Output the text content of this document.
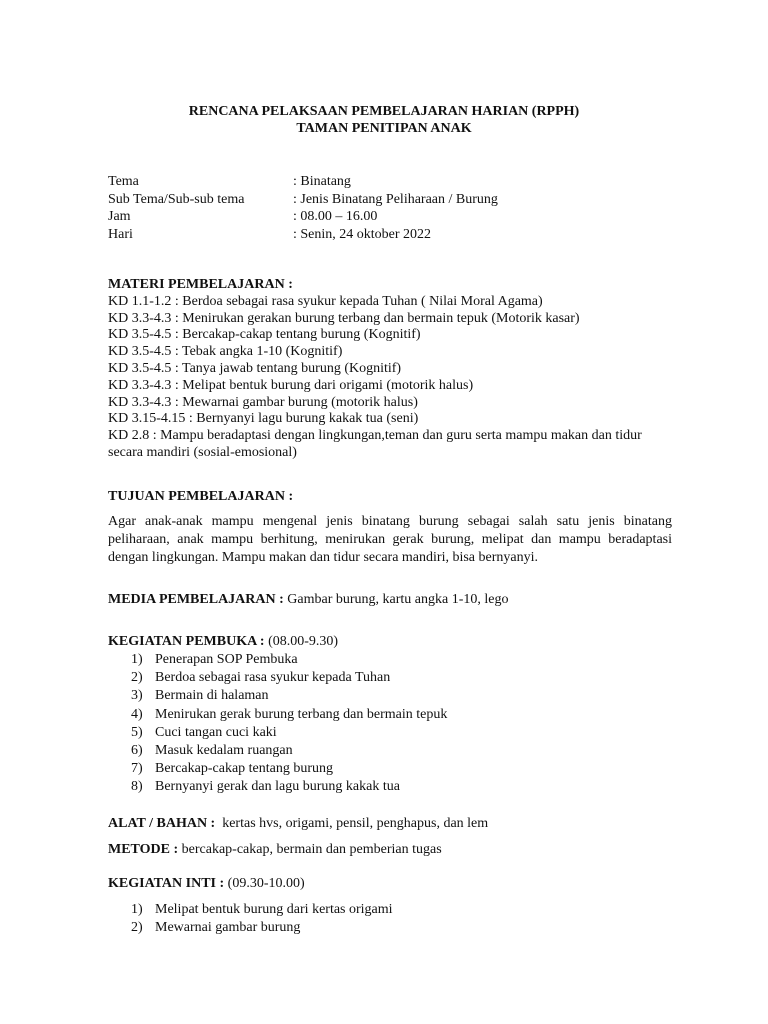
RENCANA PELAKSAAN PEMBELAJARAN HARIAN (RPPH)
TAMAN PENITIPAN ANAK
Tema	: Binatang
Sub Tema/Sub-sub tema	: Jenis Binatang Peliharaan / Burung
Jam	: 08.00 – 16.00
Hari	: Senin, 24 oktober 2022
MATERI PEMBELAJARAN :
KD 1.1-1.2 : Berdoa sebagai rasa syukur kepada Tuhan ( Nilai Moral Agama)
KD 3.3-4.3 : Menirukan gerakan burung terbang dan bermain tepuk (Motorik kasar)
KD 3.5-4.5 : Bercakap-cakap tentang burung (Kognitif)
KD 3.5-4.5 : Tebak angka 1-10 (Kognitif)
KD 3.5-4.5 : Tanya jawab tentang burung (Kognitif)
KD 3.3-4.3 : Melipat bentuk burung dari origami (motorik halus)
KD 3.3-4.3 : Mewarnai gambar burung (motorik halus)
KD 3.15-4.15 : Bernyanyi lagu burung kakak tua (seni)
KD 2.8 : Mampu beradaptasi dengan lingkungan,teman dan guru serta mampu makan dan tidur secara mandiri (sosial-emosional)
TUJUAN PEMBELAJARAN :
Agar anak-anak mampu mengenal jenis binatang burung sebagai salah satu jenis binatang peliharaan, anak mampu berhitung, menirukan gerak burung, melipat dan mampu beradaptasi dengan lingkungan. Mampu makan dan tidur secara mandiri, bisa bernyanyi.
MEDIA PEMBELAJARAN : Gambar burung, kartu angka 1-10, lego
KEGIATAN PEMBUKA : (08.00-9.30)
1) Penerapan SOP Pembuka
2) Berdoa sebagai rasa syukur kepada Tuhan
3) Bermain di halaman
4) Menirukan gerak burung terbang dan bermain tepuk
5) Cuci tangan cuci kaki
6) Masuk kedalam ruangan
7) Bercakap-cakap tentang burung
8) Bernyanyi gerak dan lagu burung kakak tua
ALAT / BAHAN :  kertas hvs, origami, pensil, penghapus, dan lem
METODE : bercakap-cakap, bermain dan pemberian tugas
KEGIATAN INTI : (09.30-10.00)
1) Melipat bentuk burung dari kertas origami
2) Mewarnai gambar burung
